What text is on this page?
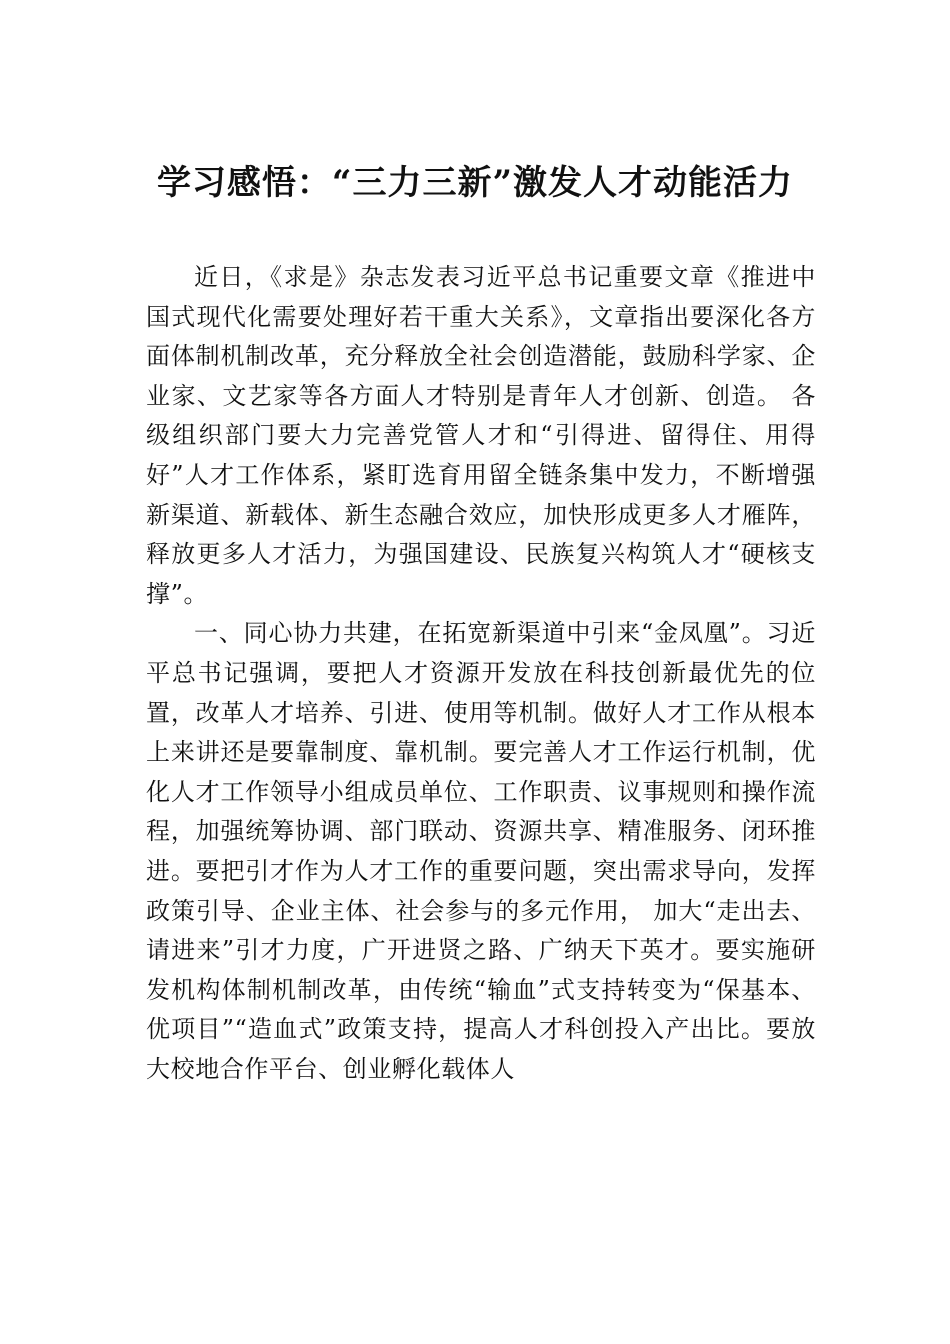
学习感悟：“三力三新”激发人才动能活力

近日，《求是》杂志发表习近平总书记重要文章《推进中国式现代化需要处理好若干重大关系》，文章指出要深化各方面体制机制改革，充分释放全社会创造潜能，鼓励科学家、企业家、文艺家等各方面人才特别是青年人才创新、创造。 各级组织部门要大力完善党管人才和“引得进、留得住、用得好”人才工作体系，紧盯选育用留全链条集中发力，不断增强新渠道、新载体、新生态融合效应，加快形成更多人才雁阵，释放更多人才活力，为强国建设、民族复兴构筑人才“硬核支撑”。

一、同心协力共建，在拓宽新渠道中引来“金凤凰”。习近平总书记强调，要把人才资源开发放在科技创新最优先的位置，改革人才培养、引进、使用等机制。做好人才工作从根本上来讲还是要靠制度、靠机制。要完善人才工作运行机制，优化人才工作领导小组成员单位、工作职责、议事规则和操作流程，加强统筹协调、部门联动、资源共享、精准服务、闭环推进。要把引才作为人才工作的重要问题，突出需求导向，发挥政策引导、企业主体、社会参与的多元作用， 加大“走出去、请进来”引才力度，广开进贤之路、广纳天下英才。要实施研发机构体制机制改革，由传统“输血”式支持转变为“保基本、优项目”“造血式”政策支持，提高人才科创投入产出比。要放大校地合作平台、创业孵化载体人
